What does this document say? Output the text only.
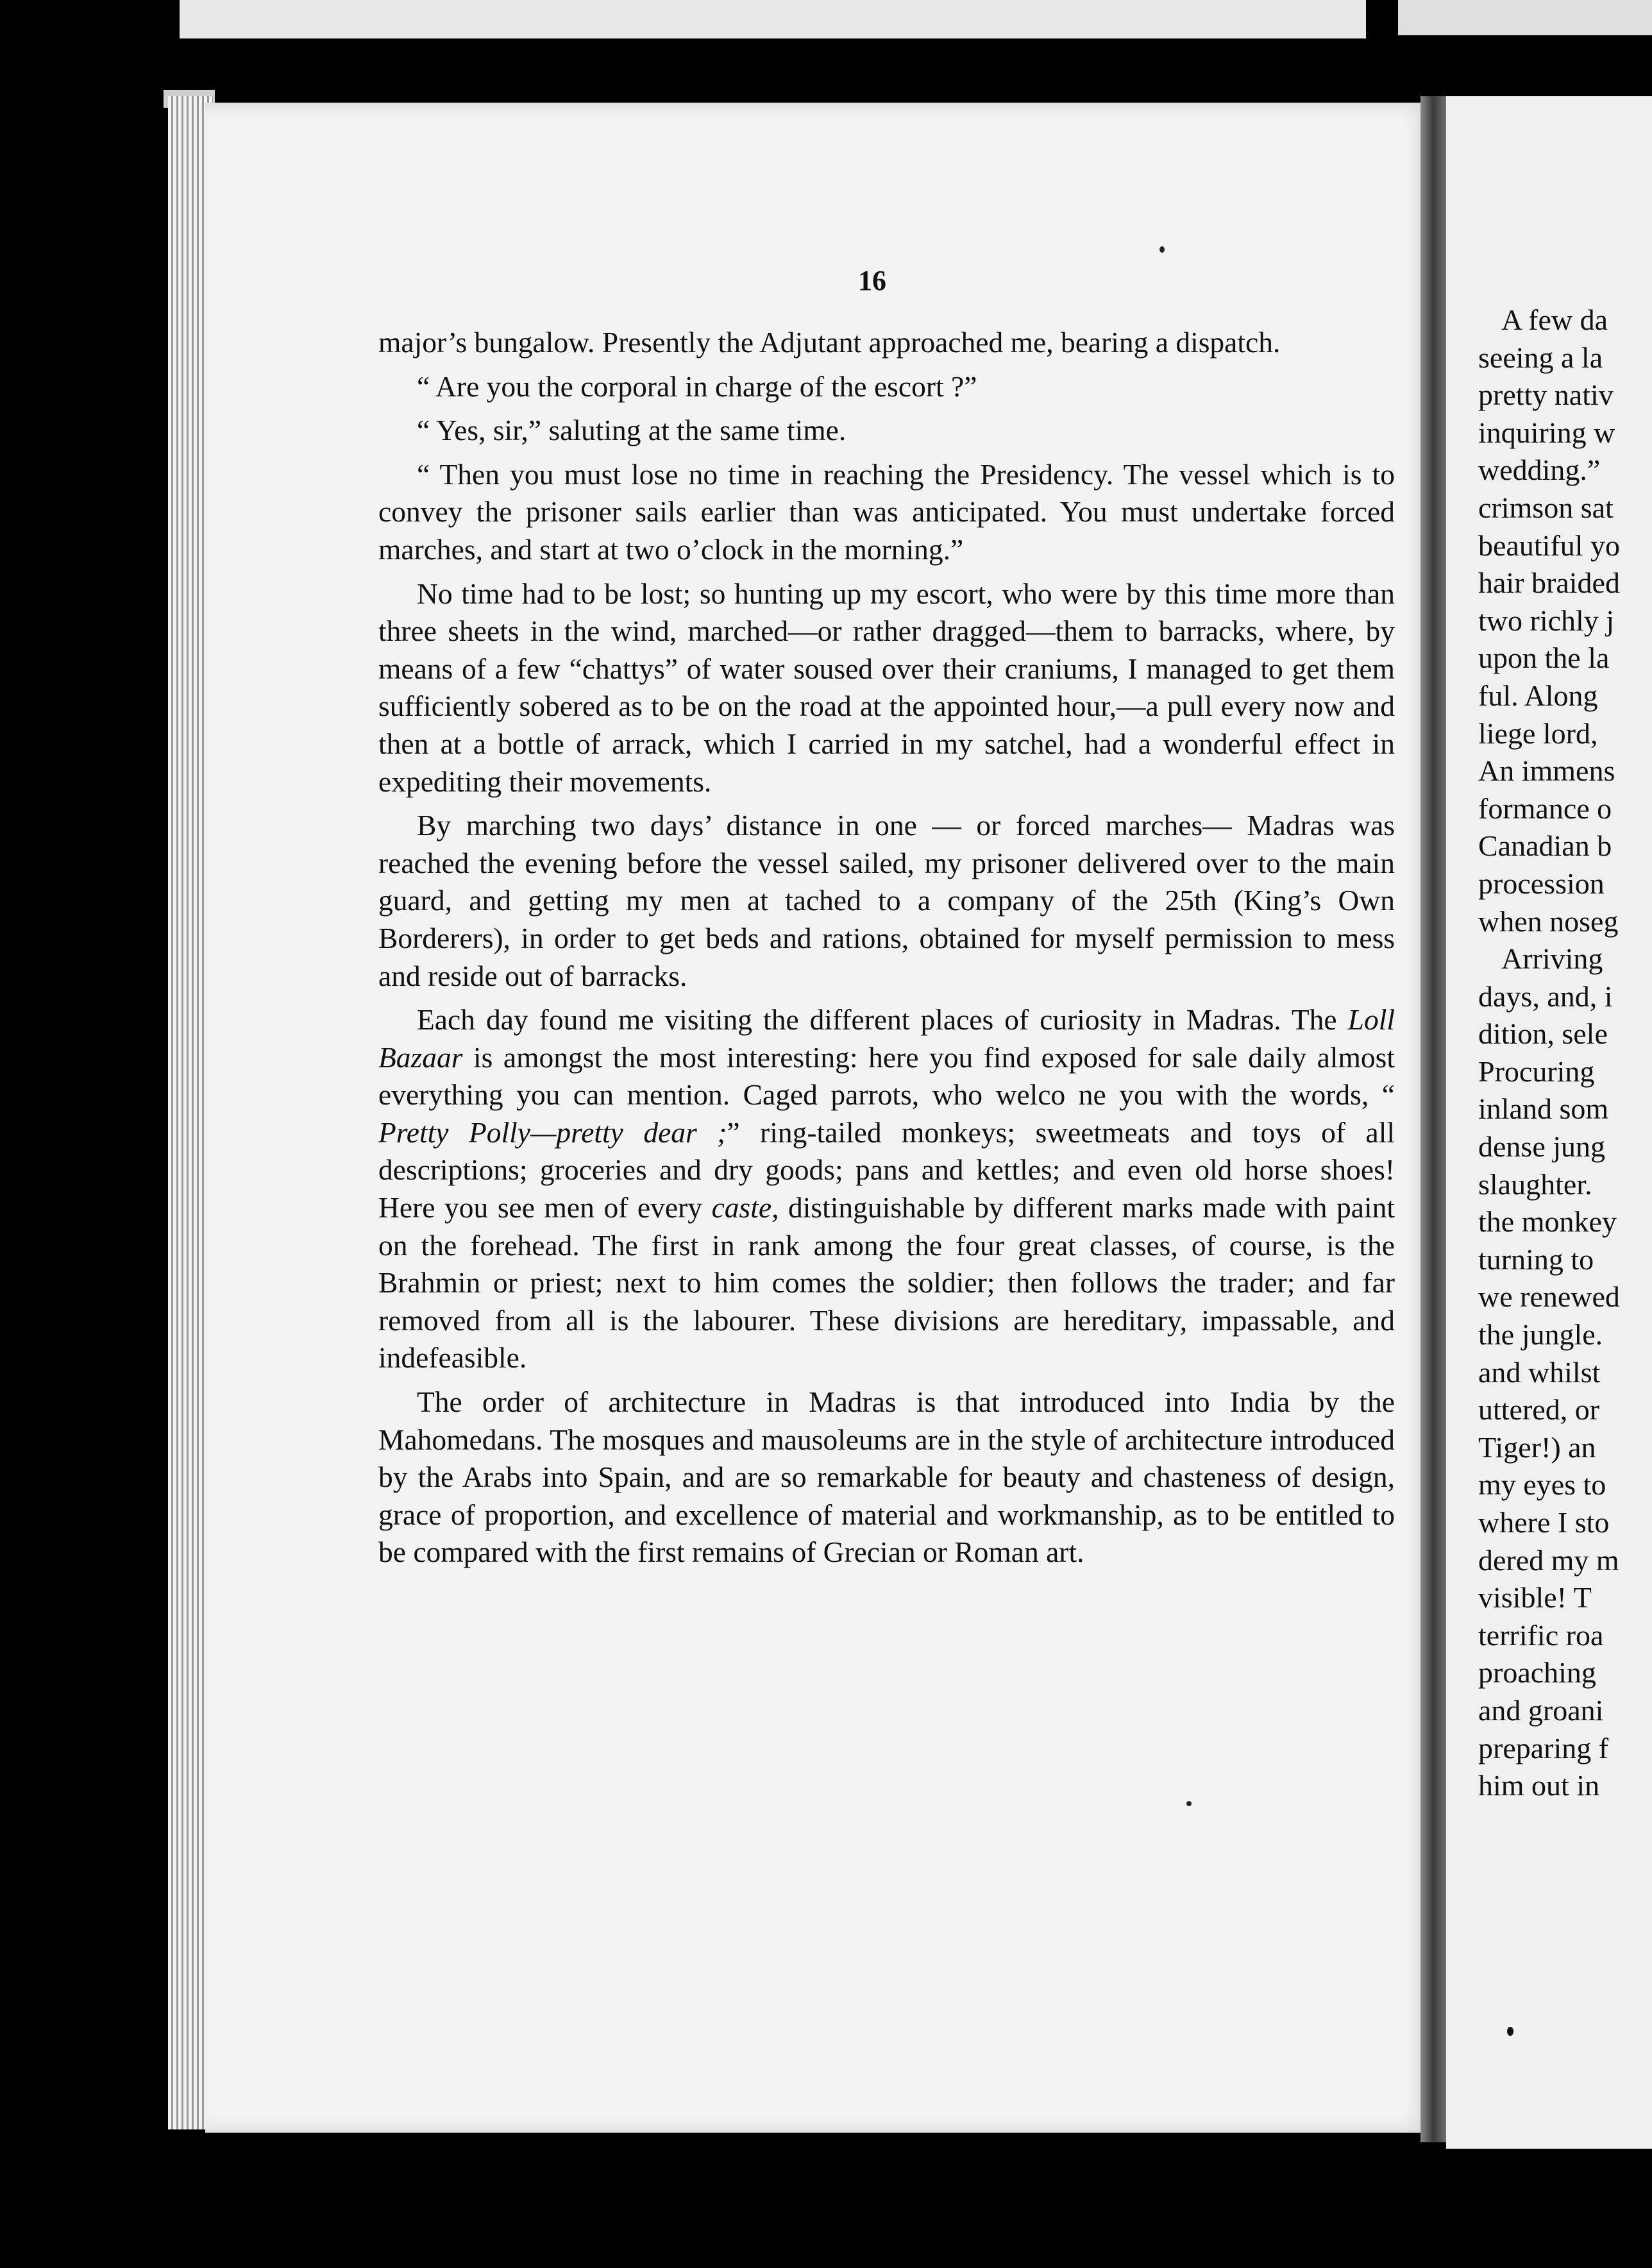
A few da
seeing a la
pretty nativ
inquiring w
wedding.”
crimson sat
beautiful yo
hair braided
two richly j
upon the la
ful. Along
liege lord,
An immens
formance o
Canadian b
procession
when noseg
Arriving
days, and, i
dition, sele
Procuring
inland som
dense jung
slaughter.
the monkey
turning to
we renewed
the jungle.
and whilst
uttered, or
Tiger!) an
my eyes to
where I sto
dered my m
visible! T
terrific roa
proaching
and groani
preparing f
him out in
16

major’s bungalow. Presently the Adjutant approached me, bearing a dispatch.

“ Are you the corporal in charge of the escort ?”

“ Yes, sir,” saluting at the same time.

“ Then you must lose no time in reaching the Presidency. The vessel which is to convey the prisoner sails earlier than was anticipated. You must undertake forced marches, and start at two o’clock in the morning.”

No time had to be lost; so hunting up my escort, who were by this time more than three sheets in the wind, marched—or rather dragged—them to barracks, where, by means of a few “chattys” of water soused over their craniums, I managed to get them sufficiently sobered as to be on the road at the appointed hour,—a pull every now and then at a bottle of arrack, which I carried in my satchel, had a wonderful effect in expediting their movements.

By marching two days’ distance in one — or forced marches— Madras was reached the evening before the vessel sailed, my prisoner delivered over to the main guard, and getting my men at tached to a company of the 25th (King’s Own Borderers), in order to get beds and rations, obtained for myself permission to mess and reside out of barracks.

Each day found me visiting the different places of curiosity in Madras. The Loll Bazaar is amongst the most interesting: here you find exposed for sale daily almost everything you can mention. Caged parrots, who welco ne you with the words, “ Pretty Polly—pretty dear ;” ring-tailed monkeys; sweetmeats and toys of all descriptions; groceries and dry goods; pans and kettles; and even old horse shoes! Here you see men of every caste, distinguishable by different marks made with paint on the forehead. The first in rank among the four great classes, of course, is the Brahmin or priest; next to him comes the soldier; then follows the trader; and far removed from all is the labourer. These divisions are hereditary, impassable, and indefeasible.

The order of architecture in Madras is that introduced into India by the Mahomedans. The mosques and mausoleums are in the style of architecture introduced by the Arabs into Spain, and are so remarkable for beauty and chasteness of design, grace of proportion, and excellence of material and workmanship, as to be entitled to be compared with the first remains of Grecian or Roman art.
